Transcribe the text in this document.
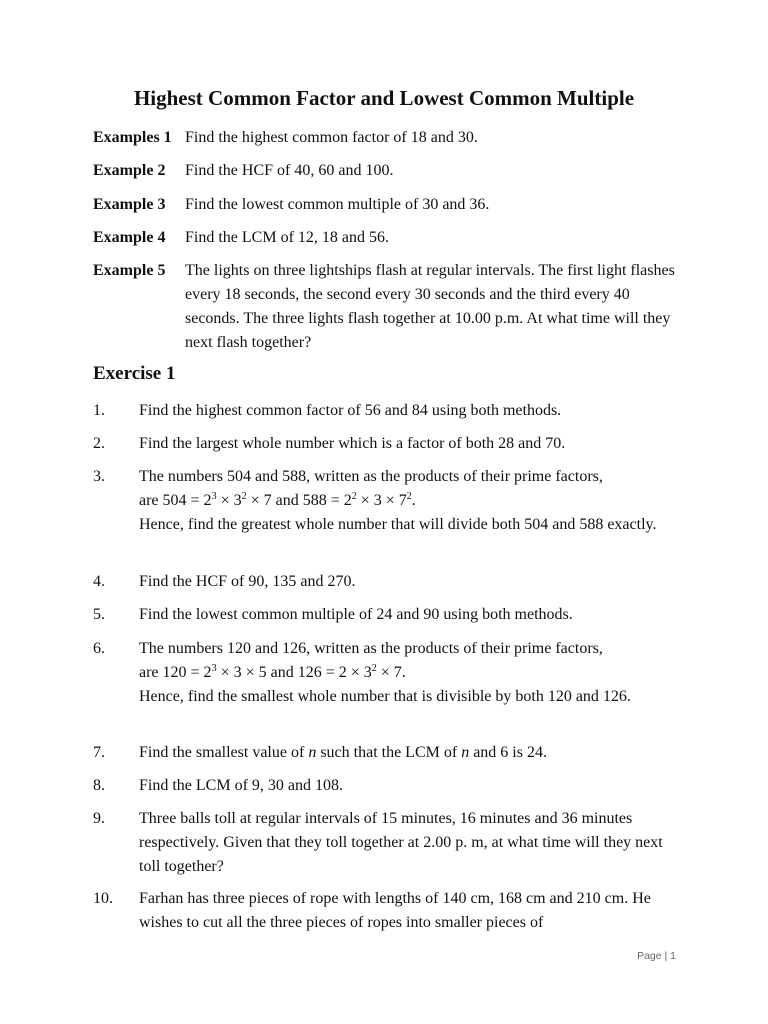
Highest Common Factor and Lowest Common Multiple
Examples 1 Find the highest common factor of 18 and 30.
Example 2 Find the HCF of 40, 60 and 100.
Example 3 Find the lowest common multiple of 30 and 36.
Example 4 Find the LCM of 12, 18 and 56.
Example 5 The lights on three lightships flash at regular intervals. The first light flashes every 18 seconds, the second every 30 seconds and the third every 40 seconds. The three lights flash together at 10.00 p.m. At what time will they next flash together?
Exercise 1
1.	Find the highest common factor of 56 and 84 using both methods.
2.	Find the largest whole number which is a factor of both 28 and 70.
3.	The numbers 504 and 588, written as the products of their prime factors,
are $504 = 2^3 \times 3^2 \times 7$ and $588 = 2^2 \times 3 \times 7^2$.
Hence, find the greatest whole number that will divide both 504 and 588 exactly.
4.	Find the HCF of 90, 135 and 270.
5.	Find the lowest common multiple of 24 and 90 using both methods.
6.	The numbers 120 and 126, written as the products of their prime factors,
are $120 = 2^3 \times 3 \times 5$ and $126 = 2 \times 3^2 \times 7$.
Hence, find the smallest whole number that is divisible by both 120 and 126.
7.	Find the smallest value of n such that the LCM of n and 6 is 24.
8.	Find the LCM of 9, 30 and 108.
9.	Three balls toll at regular intervals of 15 minutes, 16 minutes and 36 minutes respectively. Given that they toll together at 2.00 p. m, at what time will they next toll together?
10.	Farhan has three pieces of rope with lengths of 140 cm, 168 cm and 210 cm. He wishes to cut all the three pieces of ropes into smaller pieces of
Page | 1
